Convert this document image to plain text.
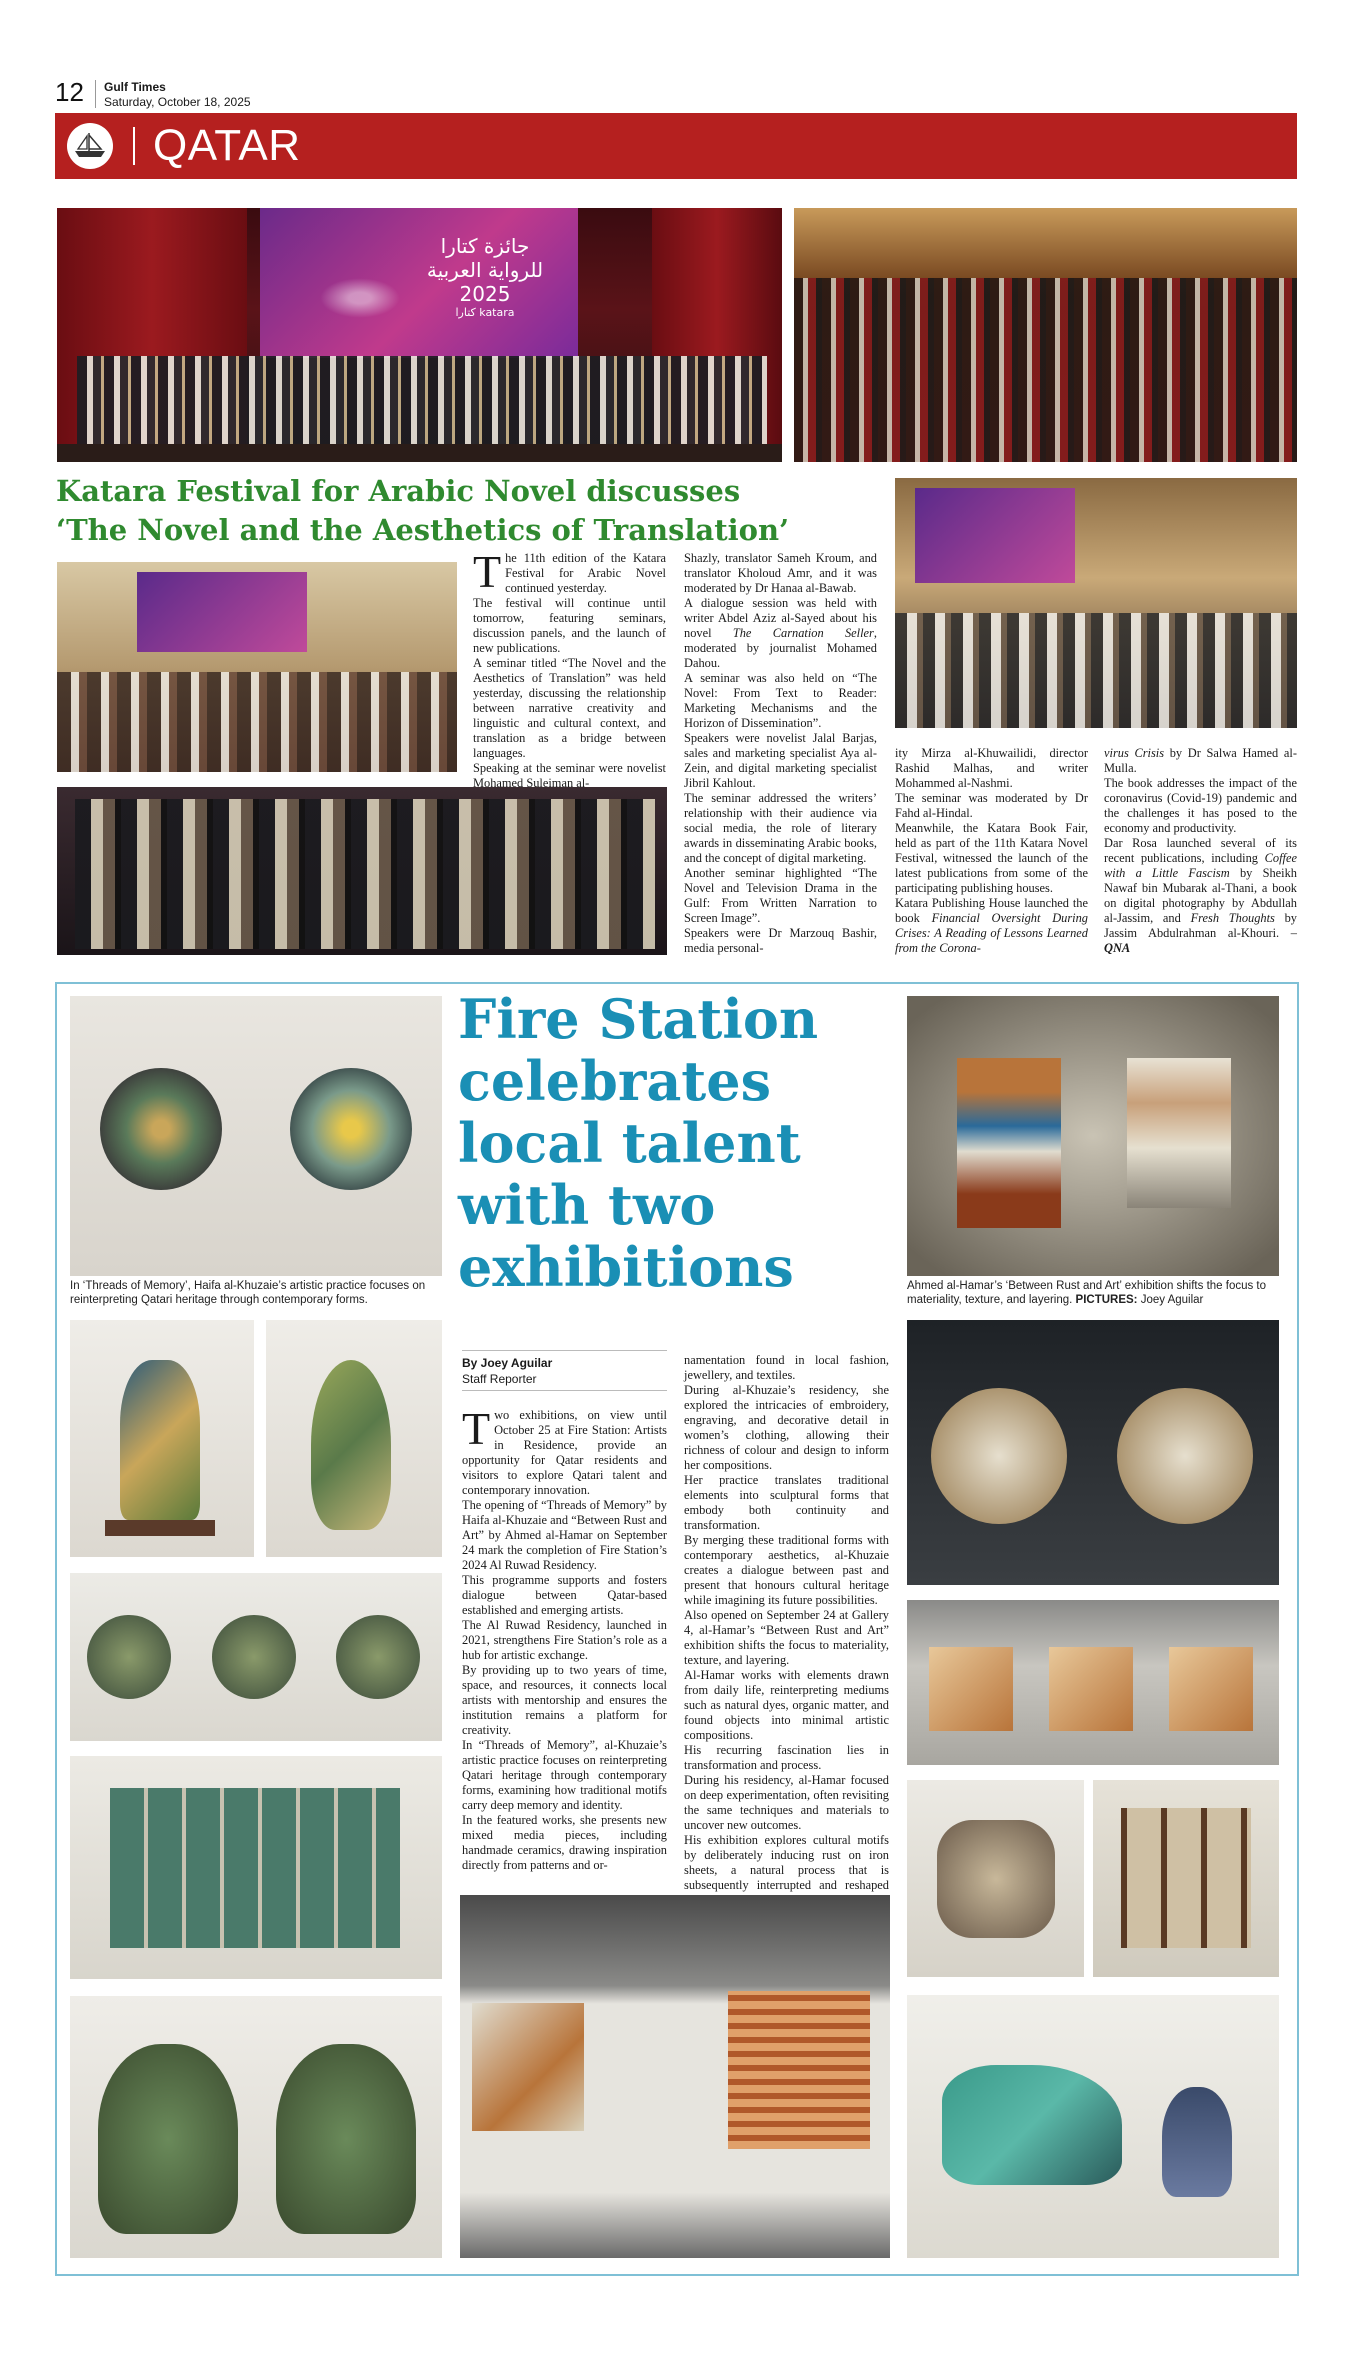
12 Gulf Times
Saturday, October 18, 2025
QATAR
جائزة كتارا للرواية العربية 2025
كتارا katara
Katara Festival for Arabic Novel discusses
‘The Novel and the Aesthetics of Translation’

The 11th edition of the Katara Festival for Arabic Novel continued yesterday.

The festival will continue until tomorrow, featuring seminars, discussion panels, and the launch of new publications.

A seminar titled “The Novel and the Aesthetics of Translation” was held yesterday, discussing the relationship between narrative creativity and linguistic and cultural context, and translation as a bridge between languages.

Speaking at the seminar were novelist Mohamed Suleiman al-

Shazly, translator Sameh Kroum, and translator Kholoud Amr, and it was moderated by Dr Hanaa al-Bawab.

A dialogue session was held with writer Abdel Aziz al-Sayed about his novel The Carnation Seller, moderated by journalist Mohamed Dahou.

A seminar was also held on “The Novel: From Text to Reader: Marketing Mechanisms and the Horizon of Dissemination”.

Speakers were novelist Jalal Barjas, sales and marketing specialist Aya al-Zein, and digital marketing specialist Jibril Kahlout.

The seminar addressed the writers’ relationship with their audience via social media, the role of literary awards in disseminating Arabic books, and the concept of digital marketing.

Another seminar highlighted “The Novel and Television Drama in the Gulf: From Written Narration to Screen Image”.

Speakers were Dr Marzouq Bashir, media personal-

ity Mirza al-Khuwailidi, director Rashid Malhas, and writer Mohammed al-Nashmi.

The seminar was moderated by Dr Fahd al-Hindal.

Meanwhile, the Katara Book Fair, held as part of the 11th Katara Novel Festival, witnessed the launch of the latest publications from some of the participating publishing houses.

Katara Publishing House launched the book Financial Oversight During Crises: A Reading of Lessons Learned from the Corona-

virus Crisis by Dr Salwa Hamed al-Mulla.

The book addresses the impact of the coronavirus (Covid-19) pandemic and the challenges it has posed to the economy and productivity.

Dar Rosa launched several of its recent publications, including Coffee with a Little Fascism by Sheikh Nawaf bin Mubarak al-Thani, a book on digital photography by Abdullah al-Jassim, and Fresh Thoughts by Jassim Abdulrahman al-Khouri. – QNA

In ‘Threads of Memory’, Haifa al-Khuzaie’s artistic practice focuses on reinterpreting Qatari heritage through contemporary forms.
Fire Station
celebrates
local talent
with two
exhibitions
By Joey Aguilar
Staff Reporter

Two exhibitions, on view until October 25 at Fire Station: Artists in Residence, provide an opportunity for Qatar residents and visitors to explore Qatari talent and contemporary innovation.

The opening of “Threads of Memory” by Haifa al-Khuzaie and “Between Rust and Art” by Ahmed al-Hamar on September 24 mark the completion of Fire Station’s 2024 Al Ruwad Residency.

This programme supports and fosters dialogue between Qatar-based established and emerging artists.

The Al Ruwad Residency, launched in 2021, strengthens Fire Station’s role as a hub for artistic exchange.

By providing up to two years of time, space, and resources, it connects local artists with mentorship and ensures the institution remains a platform for creativity.

In “Threads of Memory”, al-Khuzaie’s artistic practice focuses on reinterpreting Qatari heritage through contemporary forms, examining how traditional motifs carry deep memory and identity.

In the featured works, she presents new mixed media pieces, including handmade ceramics, drawing inspiration directly from patterns and or-

namentation found in local fashion, jewellery, and textiles.

During al-Khuzaie’s residency, she explored the intricacies of embroidery, engraving, and decorative detail in women’s clothing, allowing their richness of colour and design to inform her compositions.

Her practice translates traditional elements into sculptural forms that embody both continuity and transformation.

By merging these traditional forms with contemporary aesthetics, al-Khuzaie creates a dialogue between past and present that honours cultural heritage while imagining its future possibilities.

Also opened on September 24 at Gallery 4, al-Hamar’s “Between Rust and Art” exhibition shifts the focus to materiality, texture, and layering.

Al-Hamar works with elements drawn from daily life, reinterpreting mediums such as natural dyes, organic matter, and found objects into minimal artistic compositions.

His recurring fascination lies in transformation and process.

During his residency, al-Hamar focused on deep experimentation, often revisiting the same techniques and materials to uncover new outcomes.

His exhibition explores cultural motifs by deliberately inducing rust on iron sheets, a natural process that is subsequently interrupted and reshaped

Ahmed al-Hamar’s ‘Between Rust and Art’ exhibition shifts the focus to materiality, texture, and layering. PICTURES: Joey Aguilar
